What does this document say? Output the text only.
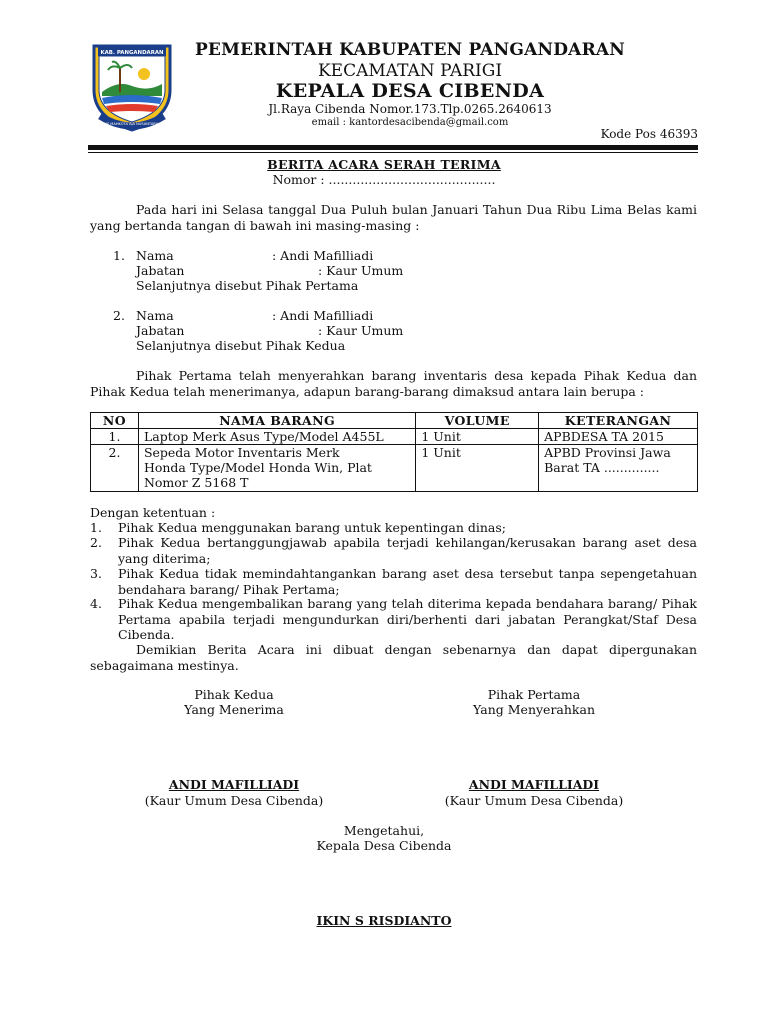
KAB. PANGANDARAN
NURUS MAHKOTA AJA NUSANTARA BISA
PEMERINTAH KABUPATEN PANGANDARAN
KECAMATAN PARIGI
KEPALA DESA CIBENDA
Jl.Raya Cibenda Nomor.173.Tlp.0265.2640613
email : kantordesacibenda@gmail.com
Kode Pos 46393
BERITA ACARA SERAH TERIMA
Nomor : ..........................................
Pada hari ini Selasa tanggal Dua Puluh bulan Januari Tahun Dua Ribu Lima Belas kami yang bertanda tangan di bawah ini masing-masing :
1. Nama	: Andi Mafilliadi
Jabatan	: Kaur Umum
Selanjutnya disebut Pihak Pertama
2. Nama	: Andi Mafilliadi
Jabatan	: Kaur Umum
Selanjutnya disebut Pihak Kedua
Pihak Pertama telah menyerahkan barang inventaris desa kepada Pihak Kedua dan Pihak Kedua telah menerimanya, adapun barang-barang dimaksud antara lain berupa :
NO	NAMA BARANG	VOLUME	KETERANGAN
1.	Laptop Merk Asus Type/Model A455L	1 Unit	APBDESA TA 2015
2.	Sepeda Motor Inventaris Merk Honda Type/Model Honda Win, Plat Nomor Z 5168 T	1 Unit	APBD Provinsi Jawa Barat TA ..............
Dengan ketentuan :
1. Pihak Kedua menggunakan barang untuk kepentingan dinas;
2. Pihak Kedua bertanggungjawab apabila terjadi kehilangan/kerusakan barang aset desa yang diterima;
3. Pihak Kedua tidak memindahtangankan barang aset desa tersebut tanpa sepengetahuan bendahara barang/ Pihak Pertama;
4. Pihak Kedua mengembalikan barang yang telah diterima kepada bendahara barang/ Pihak Pertama apabila terjadi mengundurkan diri/berhenti dari jabatan Perangkat/Staf Desa Cibenda.
Demikian Berita Acara ini dibuat dengan sebenarnya dan dapat dipergunakan sebagaimana mestinya.
Pihak Kedua
Yang Menerima
Pihak Pertama
Yang Menyerahkan
ANDI MAFILLIADI
(Kaur Umum Desa Cibenda)
ANDI MAFILLIADI
(Kaur Umum Desa Cibenda)
Mengetahui,
Kepala Desa Cibenda
IKIN S RISDIANTO
